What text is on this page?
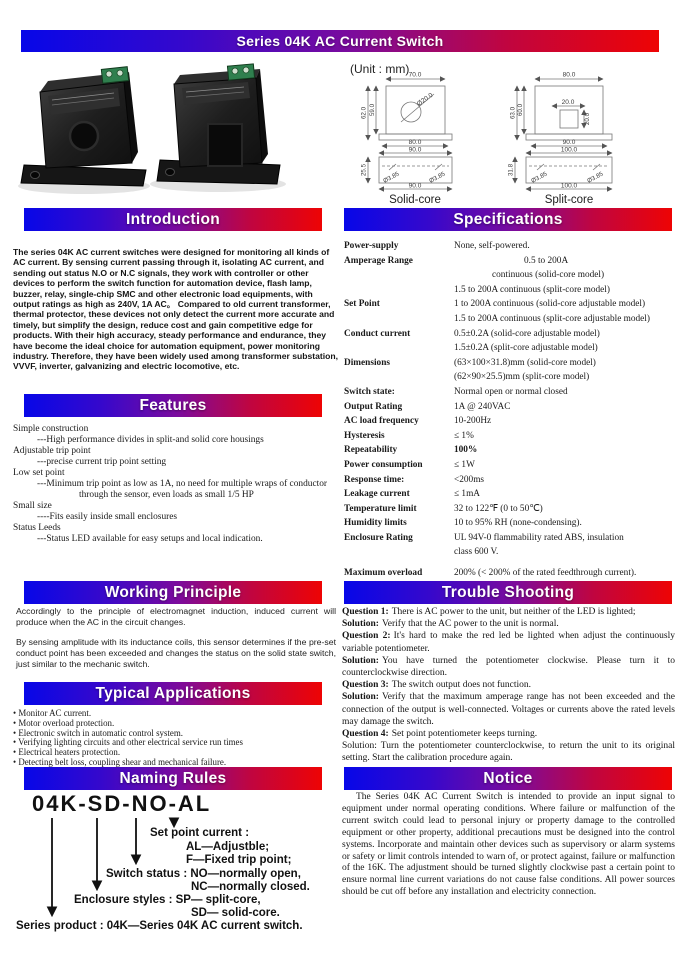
Series 04K AC Current Switch
(Unit : mm) 70.0
Ø20.0
62.0 59.0
80.0
90.0
25.5
Ø3.85	Ø3.85
90.0
Solid-core
80.0
20.0
20.0
63.0 60.0
90.0
100.0
31.8
Ø3.85	Ø3.85
100.0
Split-core
Introduction
The series 04K AC current switches were designed for monitoring all kinds of AC current. By sensing current passing through it, isolating AC current, and sending out status N.O or N.C signals, they work with controller or other devices to perform the switch function for automation device, flash lamp, buzzer, relay, single-chip SMC and other electronic load equipments, with output ratings as high as 240V, 1A AC。 Compared to old current transformer, thermal protector, these devices not only detect the current more accurate and timely, but simplify the design, reduce cost and gain competitive edge for products. With their high accuracy, steady performance and endurance, they have become the ideal choice for automation equipment, power monitoring industry. Therefore, they have been widely used among transformer substation, VVVF, inverter, galvanizing and electric locomotive, etc.
Features
Simple construction
---High performance divides in split-and solid core housings
Adjustable trip point
---precise current trip point setting
Low set point
---Minimum trip point as low as 1A, no need for multiple wraps of conductor
through the sensor, even loads as small 1/5 HP
Small size
----Fits easily inside small enclosures
Status Leeds
---Status LED available for easy setups and local indication.
Working Principle

Accordingly to the principle of electromagnet induction, induced current will produce when the AC in the circuit changes.

By sensing amplitude with its inductance coils, this sensor determines if the pre-set conduct point has been exceeded and changes the status on the solid state switch, just similar to the mechanic switch.

Typical Applications
• Monitor AC current.
• Motor overload protection.
• Electronic switch in automatic control system.
• Verifying lighting circuits and other electrical service run times
• Electrical heaters protection.
• Detecting belt loss, coupling shear and mechanical failure.
Naming Rules
04K-SD-NO-AL
Set point current :
AL—Adjustble;
F—Fixed trip point;
Switch status : NO—normally open,
NC—normally closed.
Enclosure styles : SP— split-core,
SD— solid-core.
Series product : 04K—Series 04K AC current switch.
Specifications
Power-supply	None, self-powered.
Amperage Range	0.5 to 200A
continuous (solid-core model)
1.5 to 200A continuous (split-core model)
Set Point	1 to 200A continuous (solid-core adjustable model)
1.5 to 200A continuous (split-core adjustable model)
Conduct current	0.5±0.2A (solid-core adjustable model)
1.5±0.2A (split-core adjustable model)
Dimensions	(63×100×31.8)mm (solid-core model)
(62×90×25.5)mm (split-core model)
Switch state:	Normal open or normal closed
Output Rating	1A @ 240VAC
AC load frequency	10-200Hz
Hysteresis	≤ 1%
Repeatability	100%
Power consumption	≤ 1W
Response time:	<200ms
Leakage current	≤ 1mA
Temperature limit	32 to 122℉ (0 to 50℃)
Humidity limits	10 to 95% RH (none-condensing).
Enclosure Rating	UL 94V-0 flammability rated ABS, insulation
class 600 V.
Maximum overload	200% (< 200% of the rated feedthrough current).
Trouble Shooting

Question 1: There is AC power to the unit, but neither of the LED is lighted;

Solution: Verify that the AC power to the unit is normal.

Question 2: It's hard to make the red led be lighted when adjust the continuously variable potentiometer.

Solution: You have turned the potentiometer clockwise. Please turn it to counterclockwise direction.

Question 3: The switch output does not function.

Solution: Verify that the maximum amperage range has not been exceeded and the connection of the output is well-connected. Voltages or currents above the rated levels may damage the switch.

Question 4: Set point potentiometer keeps turning.

Solution: Turn the potentiometer counterclockwise, to return the unit to its original setting. Start the calibration procedure again.

Notice
The Series 04K AC Current Switch is intended to provide an input signal to equipment under normal operating conditions. Where failure or malfunction of the current switch could lead to personal injury or property damage to the controlled equipment or other property, additional precautions must be designed into the control systems. Incorporate and maintain other devices such as supervisory or alarm systems or safety or limit controls intended to warn of, or protect against, failure or malfunction of the 16K. The adjustment should be turned slightly clockwise past a certain point to ensure normal line current variations do not cause false conditions. All power sources should be cut off before any installation and electricity connection.
